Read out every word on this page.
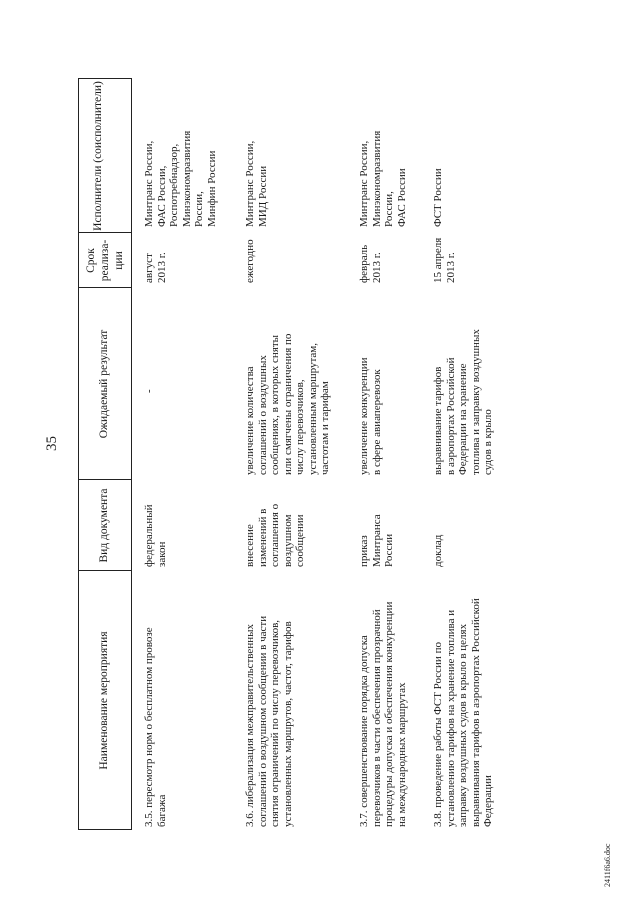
35
Наименование мероприятия
Вид документа
Ожидаемый результат
Срок реализа- ции
Исполнители (соисполнители)
3.5. пересмотр норм о бесплатном провозе багажа
федеральный закон
-
август 2013 г.
Минтранс России, ФАС России, Роспотребнадзор, Минэкономразвития России, Минфин России
3.6. либерализация межправительственных соглашений о воздушном сообщении в части снятия ограничений по числу перевозчиков, установленных маршрутов, частот, тарифов
внесение изменений в соглашения о воздушном сообщении
увеличение количества соглашений о воздушных сообщениях, в которых сняты или смягчены ограничения по числу перевозчиков, установленным маршрутам, частотам и тарифам
ежегодно
Минтранс России, МИД России
3.7. совершенствование порядка допуска перевозчиков в части обеспечения прозрачной процедуры допуска и обеспечения конкуренции на международных маршрутах
приказ Минтранса России
увеличение конкуренции в сфере авиаперевозок
февраль 2013 г.
Минтранс России, Минэкономразвития России, ФАС России
3.8. проведение работы ФСТ России по установлению тарифов на хранение топлива и заправку воздушных судов в крыло в целях выравнивания тарифов в аэропортах Российской Федерации
доклад
выравнивание тарифов в аэропортах Российской Федерации на хранение топлива и заправку воздушных судов в крыло
15 апреля 2013 г.
ФСТ России
2411f6a6.doc
